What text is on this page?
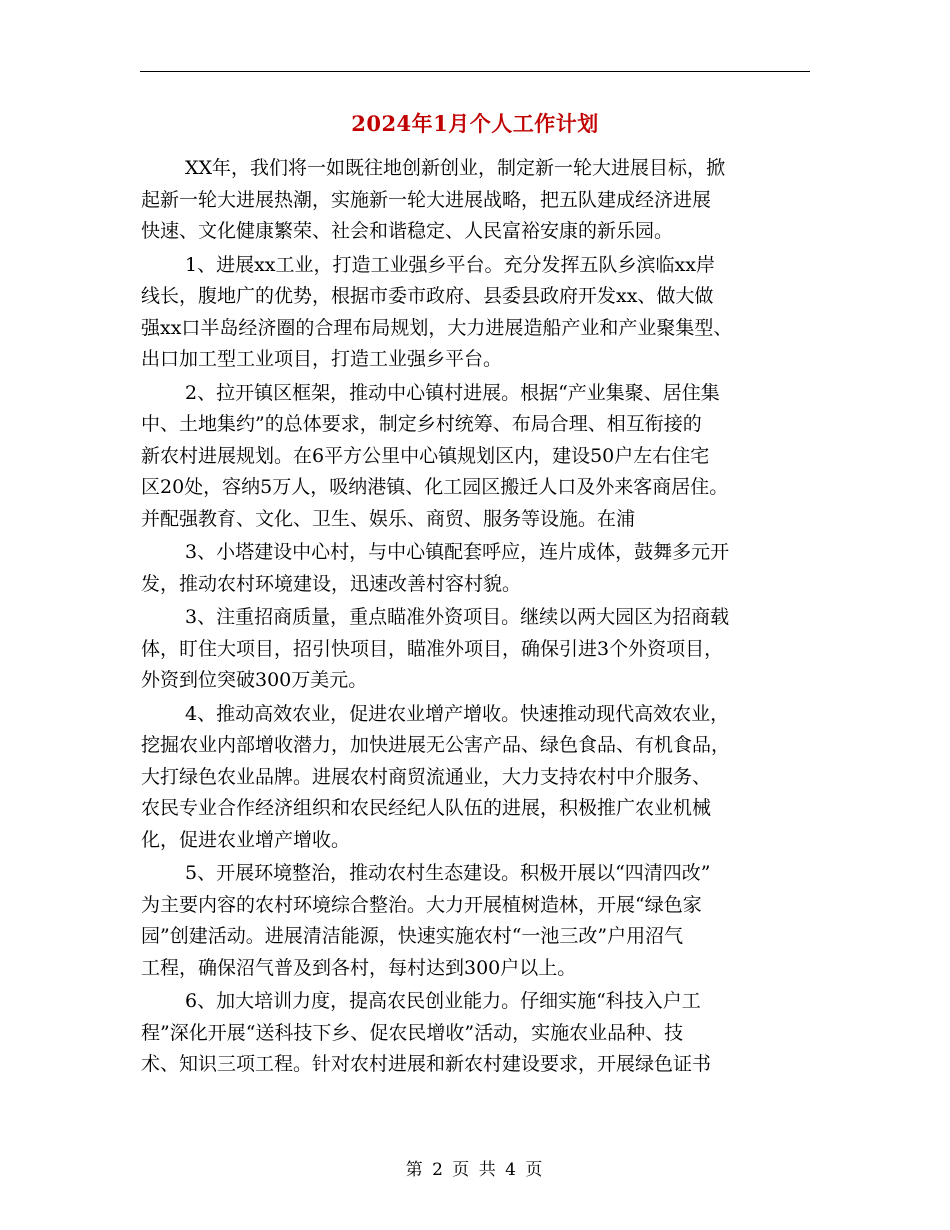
2024年1月个人工作计划

XX年，我们将一如既往地创新创业，制定新一轮大进展目标，掀
起新一轮大进展热潮，实施新一轮大进展战略，把五队建成经济进展
快速、文化健康繁荣、社会和谐稳定、人民富裕安康的新乐园。

1、进展xx工业，打造工业强乡平台。充分发挥五队乡滨临xx岸
线长，腹地广的优势，根据市委市政府、县委县政府开发xx、做大做
强xx口半岛经济圈的合理布局规划，大力进展造船产业和产业聚集型、
出口加工型工业项目，打造工业强乡平台。

2、拉开镇区框架，推动中心镇村进展。根据“产业集聚、居住集
中、土地集约”的总体要求，制定乡村统筹、布局合理、相互衔接的
新农村进展规划。在6平方公里中心镇规划区内，建设50户左右住宅
区20处，容纳5万人，吸纳港镇、化工园区搬迁人口及外来客商居住。
并配强教育、文化、卫生、娱乐、商贸、服务等设施。在浦

3、小塔建设中心村，与中心镇配套呼应，连片成体，鼓舞多元开
发，推动农村环境建设，迅速改善村容村貌。

3、注重招商质量，重点瞄准外资项目。继续以两大园区为招商载
体，盯住大项目，招引快项目，瞄准外项目，确保引进3个外资项目，
外资到位突破300万美元。

4、推动高效农业，促进农业增产增收。快速推动现代高效农业，
挖掘农业内部增收潜力，加快进展无公害产品、绿色食品、有机食品，
大打绿色农业品牌。进展农村商贸流通业，大力支持农村中介服务、
农民专业合作经济组织和农民经纪人队伍的进展，积极推广农业机械
化，促进农业增产增收。

5、开展环境整治，推动农村生态建设。积极开展以“四清四改”
为主要内容的农村环境综合整治。大力开展植树造林，开展“绿色家
园”创建活动。进展清洁能源，快速实施农村“一池三改”户用沼气
工程，确保沼气普及到各村，每村达到300户以上。

6、加大培训力度，提高农民创业能力。仔细实施“科技入户工
程”深化开展“送科技下乡、促农民增收”活动，实施农业品种、技
术、知识三项工程。针对农村进展和新农村建设要求，开展绿色证书

第 2 页 共 4 页
